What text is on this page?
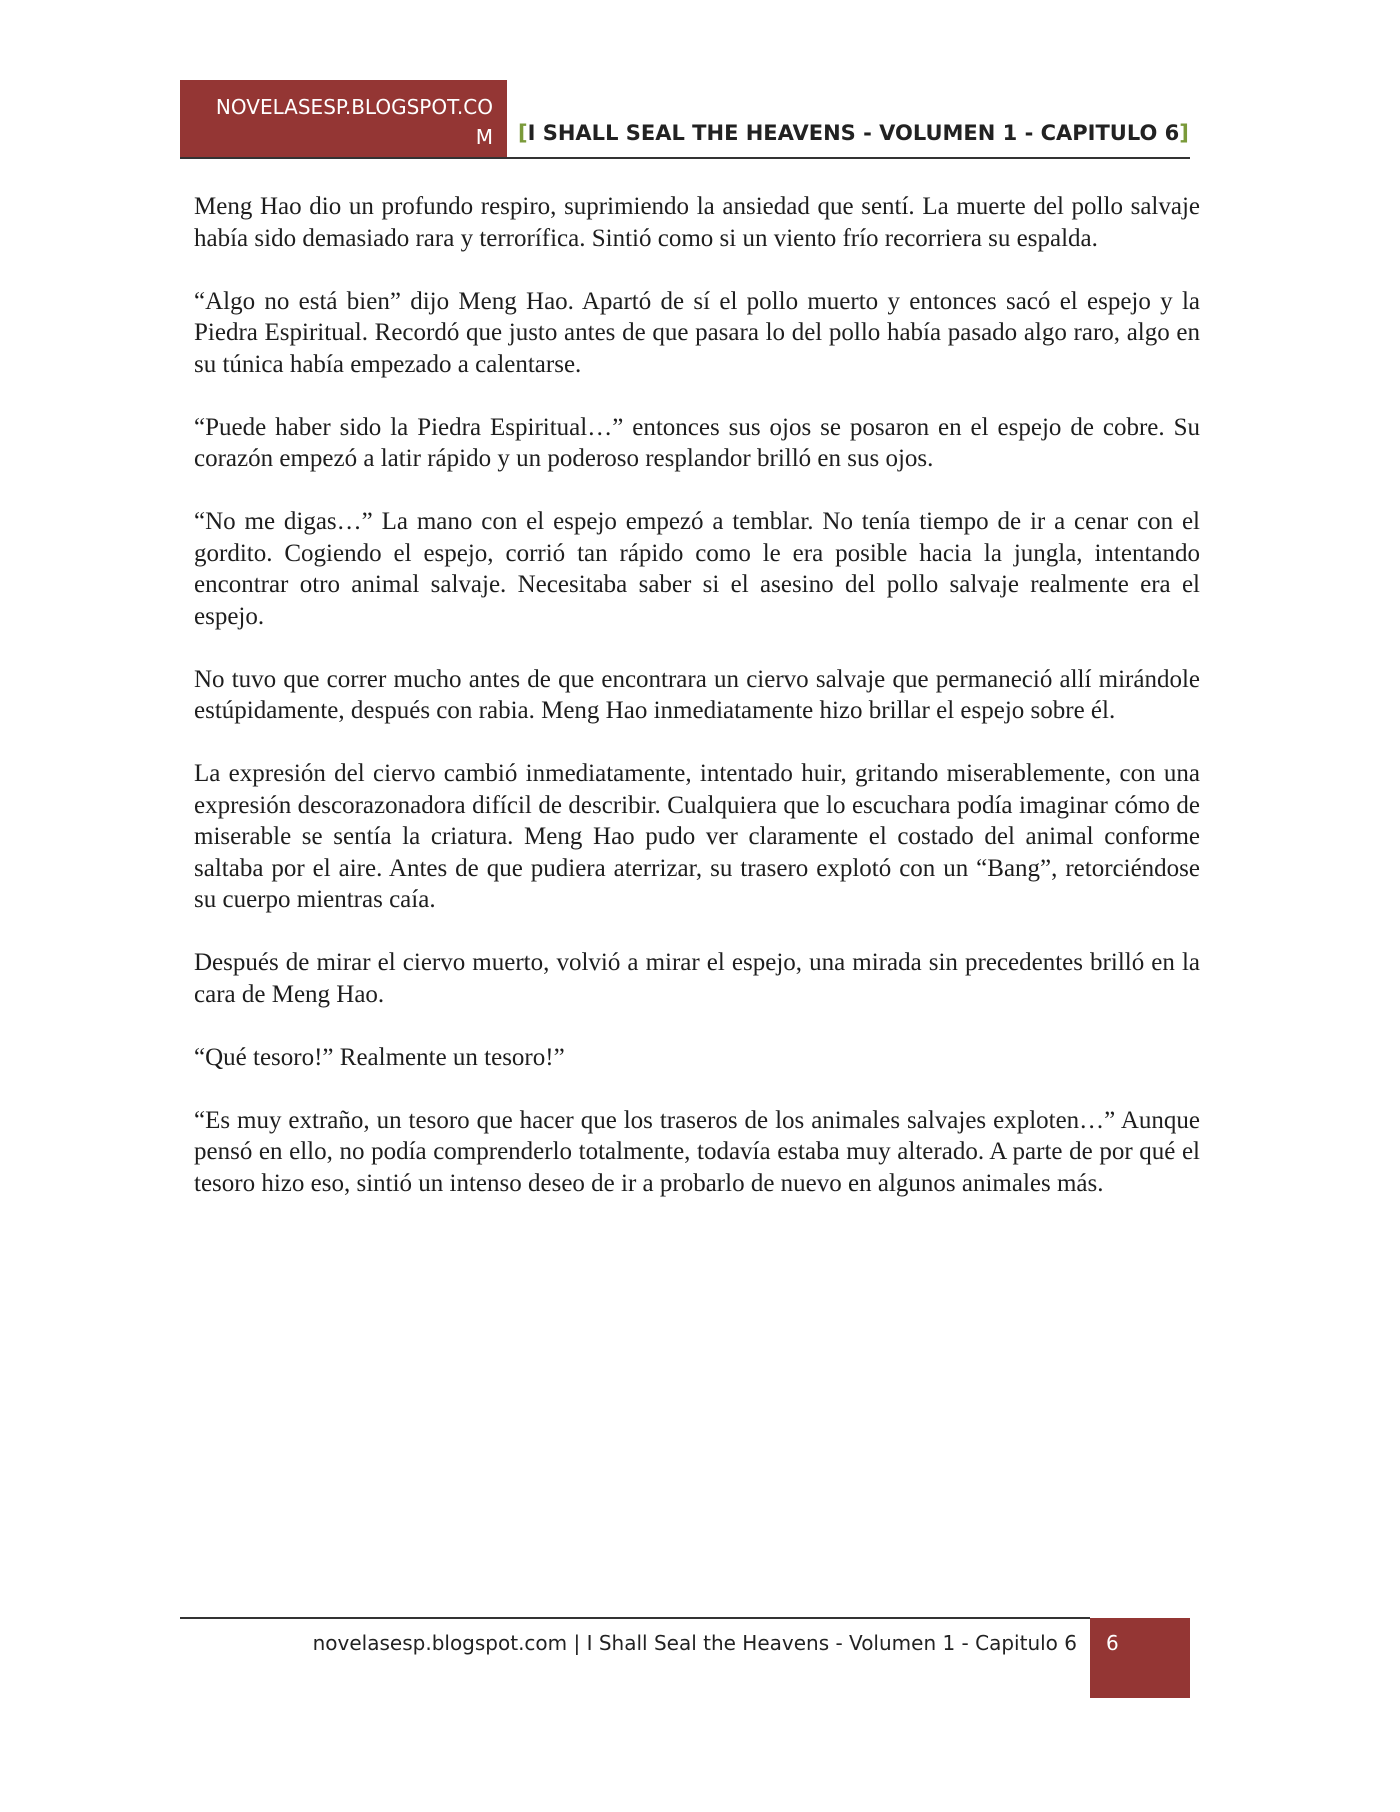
NOVELASESP.BLOGSPOT.COM	[I SHALL SEAL THE HEAVENS - VOLUMEN 1 - CAPITULO 6]

Meng Hao dio un profundo respiro, suprimiendo la ansiedad que sentí. La muerte del pollo salvaje había sido demasiado rara y terrorífica. Sintió como si un viento frío recorriera su espalda.

“Algo no está bien” dijo Meng Hao. Apartó de sí el pollo muerto y entonces sacó el espejo y la Piedra Espiritual. Recordó que justo antes de que pasara lo del pollo había pasado algo raro, algo en su túnica había empezado a calentarse.

“Puede haber sido la Piedra Espiritual…” entonces sus ojos se posaron en el espejo de cobre. Su corazón empezó a latir rápido y un poderoso resplandor brilló en sus ojos.

“No me digas…” La mano con el espejo empezó a temblar. No tenía tiempo de ir a cenar con el gordito. Cogiendo el espejo, corrió tan rápido como le era posible hacia la jungla, intentando encontrar otro animal salvaje. Necesitaba saber si el asesino del pollo salvaje realmente era el espejo.

No tuvo que correr mucho antes de que encontrara un ciervo salvaje que permaneció allí mirándole estúpidamente, después con rabia. Meng Hao inmediatamente hizo brillar el espejo sobre él.

La expresión del ciervo cambió inmediatamente, intentado huir, gritando miserablemente, con una expresión descorazonadora difícil de describir. Cualquiera que lo escuchara podía imaginar cómo de miserable se sentía la criatura. Meng Hao pudo ver claramente el costado del animal conforme saltaba por el aire. Antes de que pudiera aterrizar, su trasero explotó con un “Bang”, retorciéndose su cuerpo mientras caía.

Después de mirar el ciervo muerto, volvió a mirar el espejo, una mirada sin precedentes brilló en la cara de Meng Hao.

“Qué tesoro!” Realmente un tesoro!”

“Es muy extraño, un tesoro que hacer que los traseros de los animales salvajes exploten…” Aunque pensó en ello, no podía comprenderlo totalmente, todavía estaba muy alterado. A parte de por qué el tesoro hizo eso, sintió un intenso deseo de ir a probarlo de nuevo en algunos animales más.

novelasesp.blogspot.com | I Shall Seal the Heavens - Volumen 1 - Capitulo 6	6
